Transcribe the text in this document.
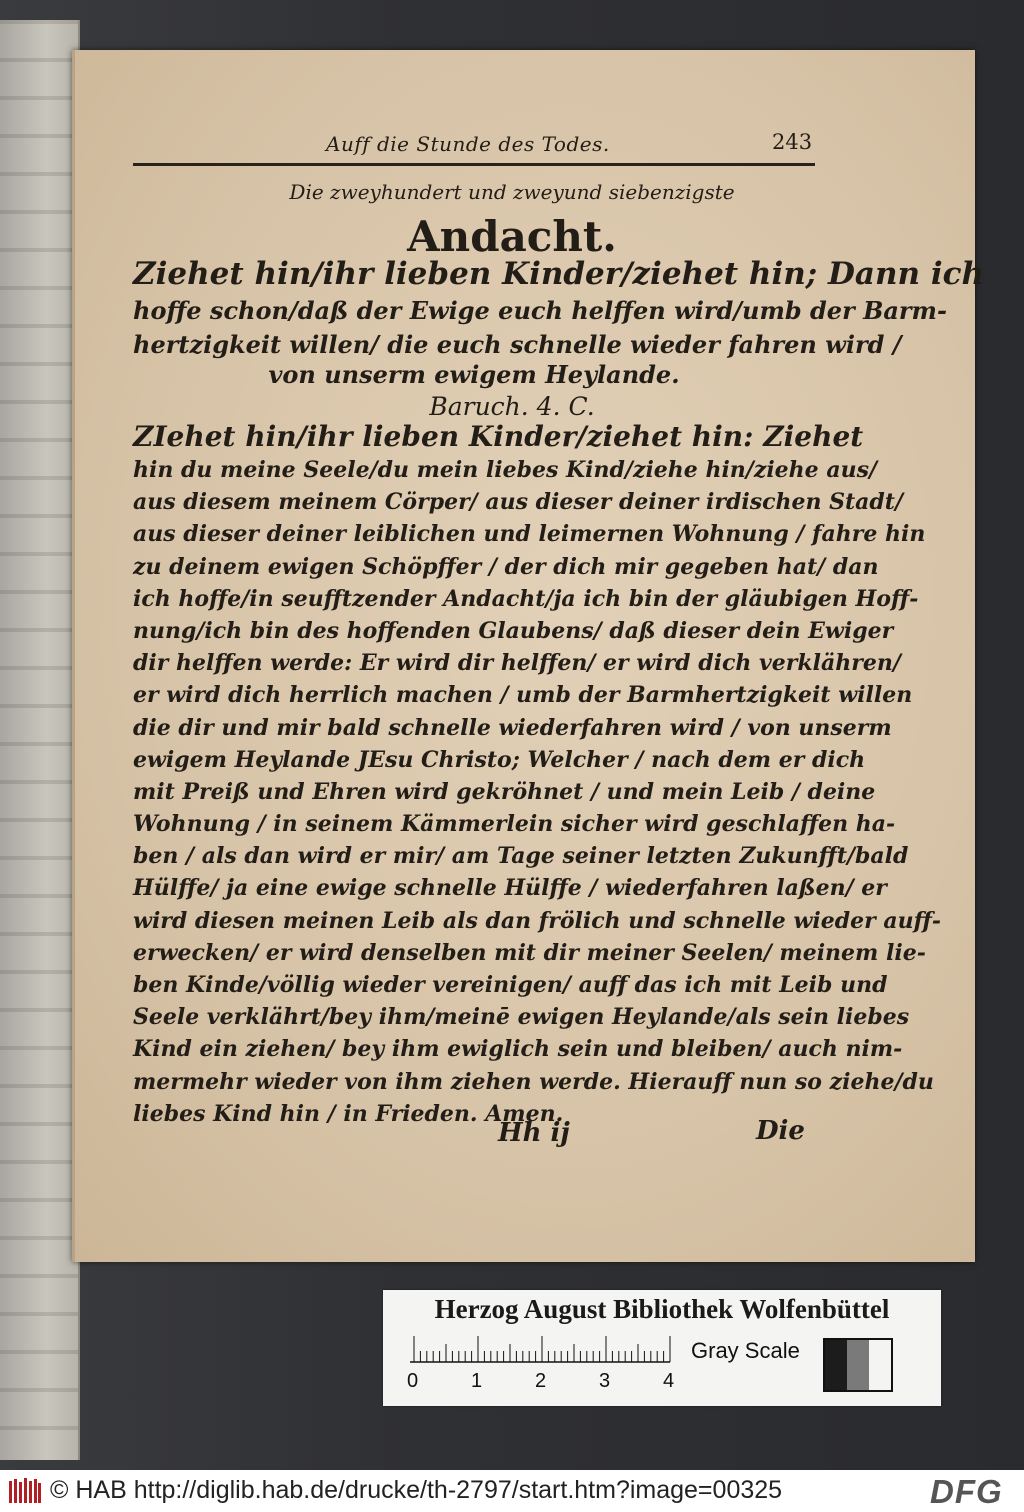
Auff die Stunde des Todes.	243
Die zweyhundert und zweyund siebenzigste
Andacht.
Ziehet hin/ihr lieben Kinder/ziehet hin; Dann ich
hoffe schon/daß der Ewige euch helffen wird/umb der Barm-
hertzigkeit willen/ die euch schnelle wieder fahren wird /
von unserm ewigem Heylande.
Baruch. 4. C.
ZIehet hin/ihr lieben Kinder/ziehet hin: Ziehet
hin du meine Seele/du mein liebes Kind/ziehe hin/ziehe aus/
aus diesem meinem Cörper/ aus dieser deiner irdischen Stadt/
aus dieser deiner leiblichen und leimernen Wohnung / fahre hin
zu deinem ewigen Schöpffer / der dich mir gegeben hat/ dan
ich hoffe/in seufftzender Andacht/ja ich bin der gläubigen Hoff-
nung/ich bin des hoffenden Glaubens/ daß dieser dein Ewiger
dir helffen werde: Er wird dir helffen/ er wird dich verklähren/
er wird dich herrlich machen / umb der Barmhertzigkeit willen
die dir und mir bald schnelle wiederfahren wird / von unserm
ewigem Heylande JEsu Christo; Welcher / nach dem er dich
mit Preiß und Ehren wird gekröhnet / und mein Leib / deine
Wohnung / in seinem Kämmerlein sicher wird geschlaffen ha-
ben / als dan wird er mir/ am Tage seiner letzten Zukunfft/bald
Hülffe/ ja eine ewige schnelle Hülffe / wiederfahren laßen/ er
wird diesen meinen Leib als dan frölich und schnelle wieder auff-
erwecken/ er wird denselben mit dir meiner Seelen/ meinem lie-
ben Kinde/völlig wieder vereinigen/ auff das ich mit Leib und
Seele verklährt/bey ihm/meinē ewigen Heylande/als sein liebes
Kind ein ziehen/ bey ihm ewiglich sein und bleiben/ auch nim-
mermehr wieder von ihm ziehen werde. Hierauff nun so ziehe/du
liebes Kind hin / in Frieden. Amen.
Hh ij	Die
Herzog August Bibliothek Wolfenbüttel
0	1	2	3	4
Gray Scale
© HAB http://diglib.hab.de/drucke/th-2797/start.htm?image=00325	DFG
